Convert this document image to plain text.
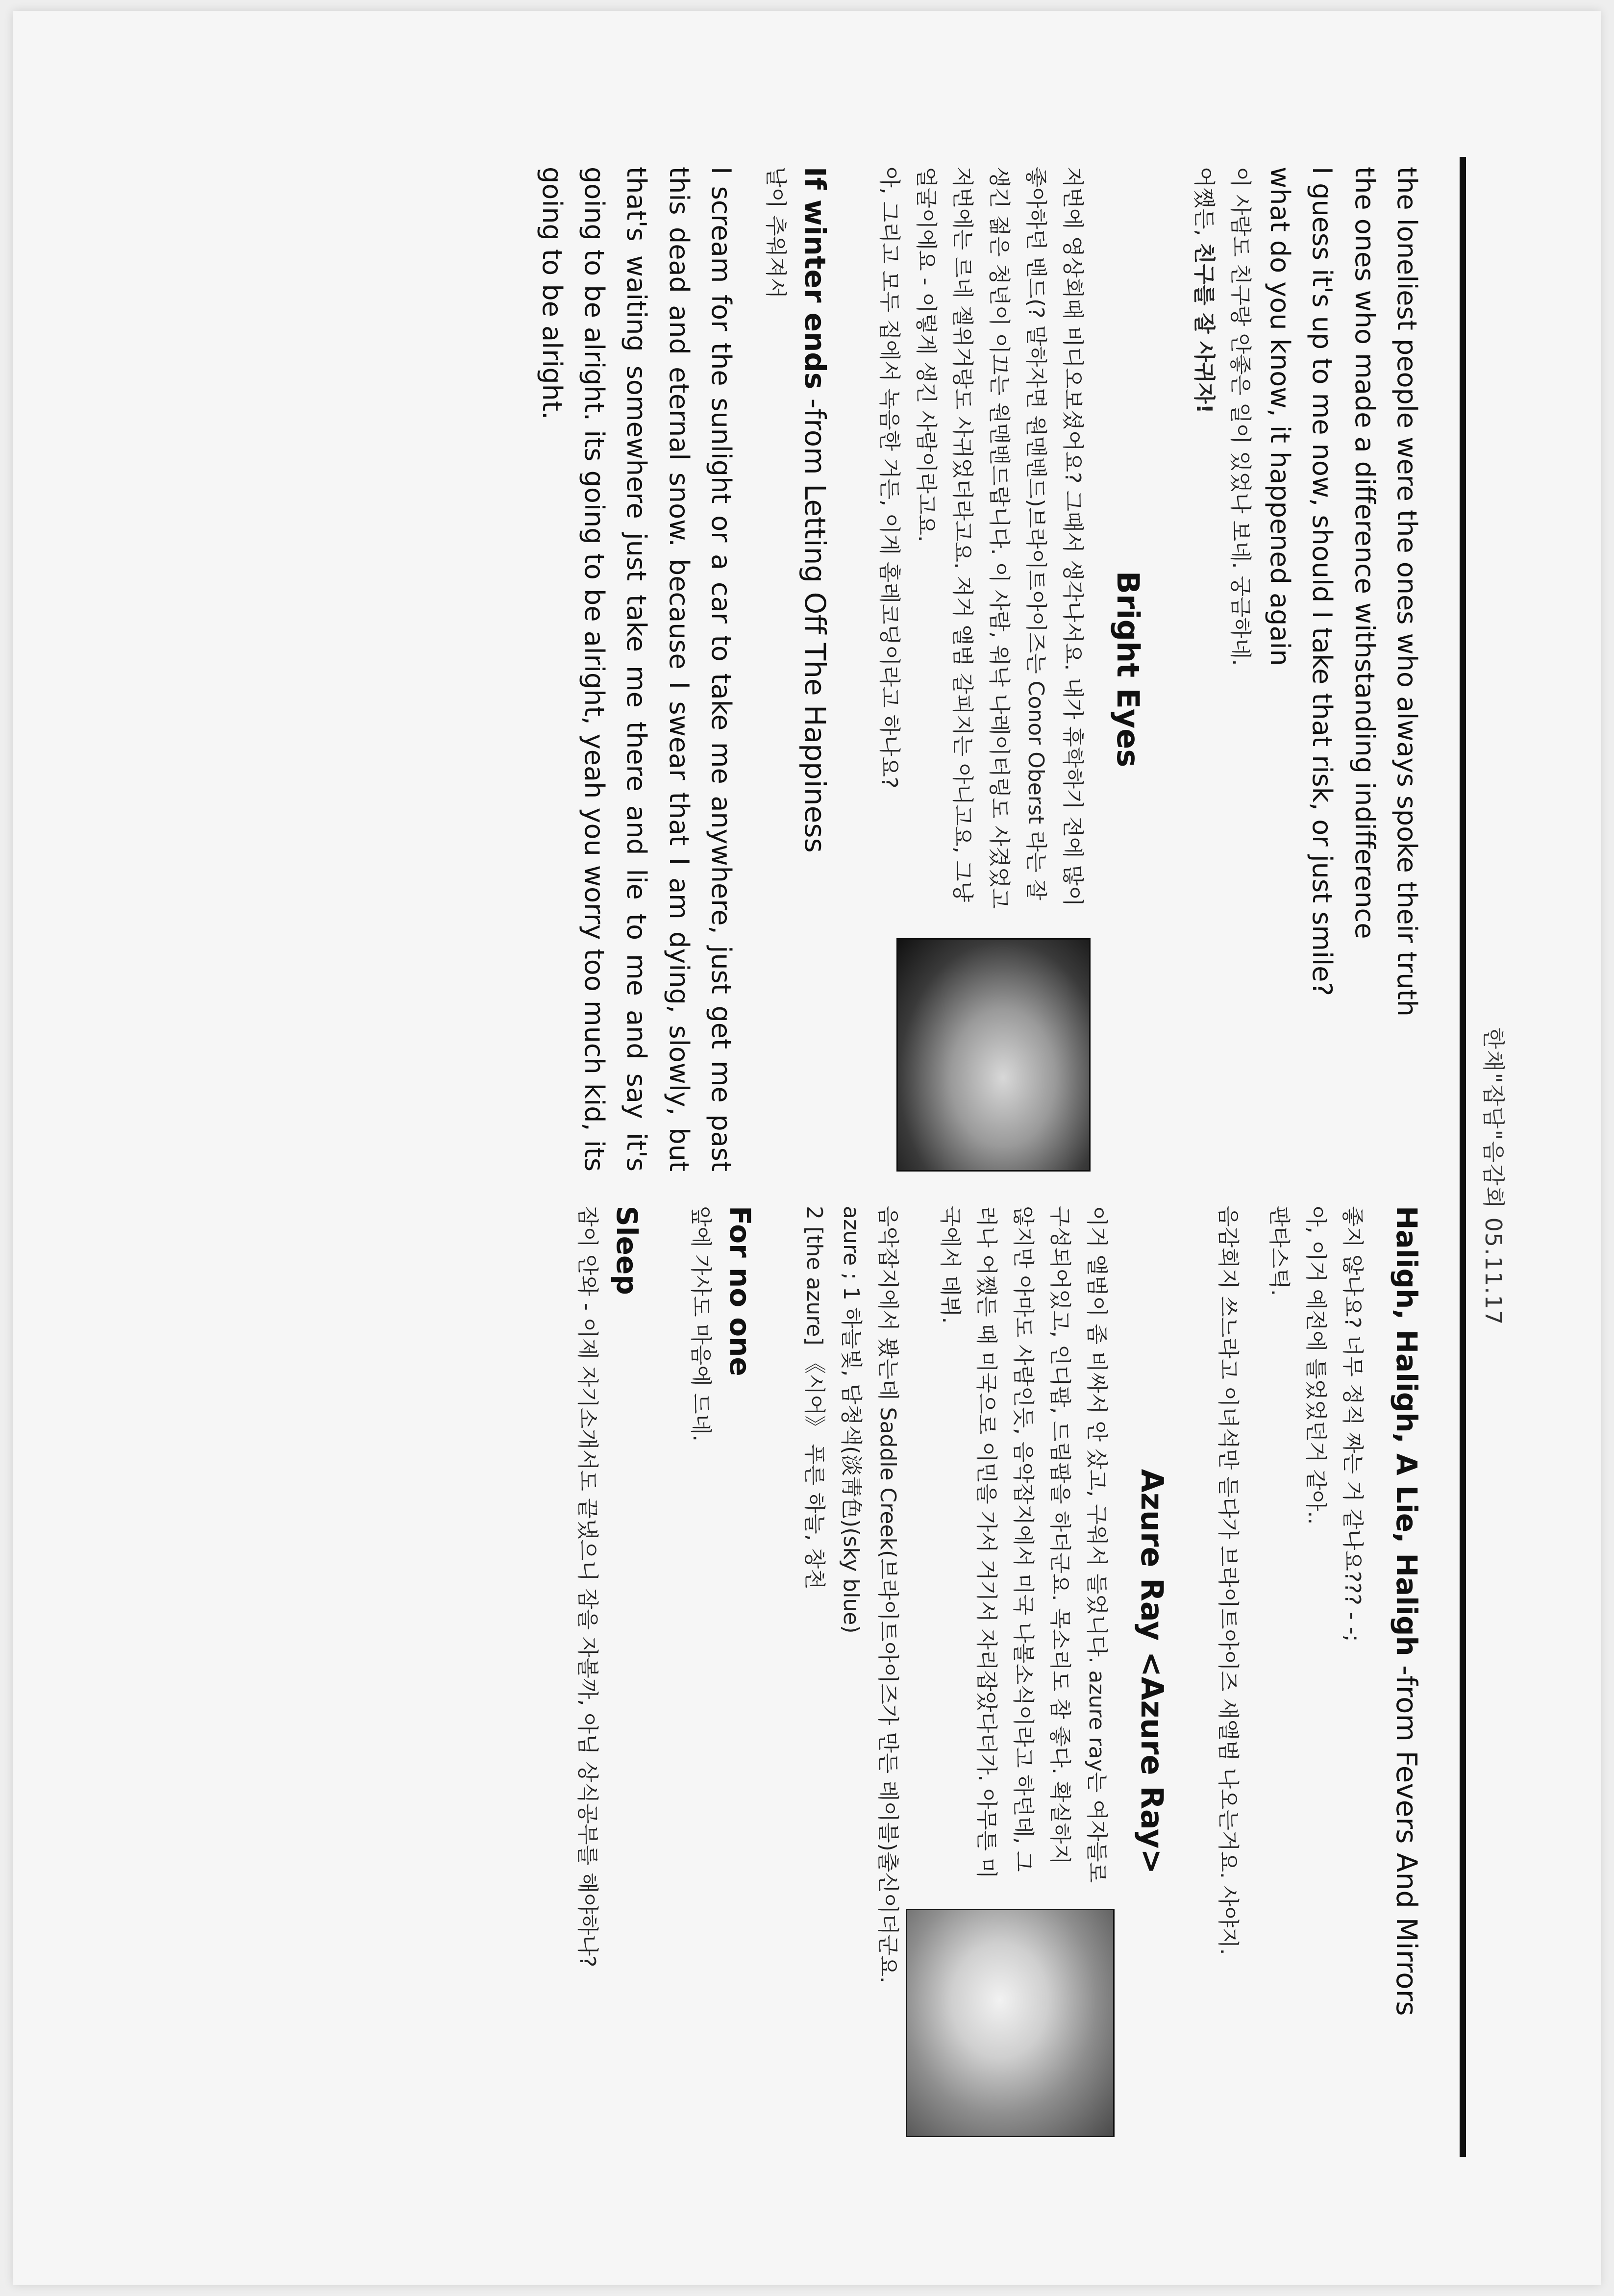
한채"잡담"음감회 05.11.17

the loneliest people were the ones who always spoke their truth

the ones who made a difference withstanding indifference

I guess it's up to me now, should I take that risk, or just smile?

what do you know, it happened again

이 사람도 친구랑 안좋은 일이 있었나 보네. 궁금하네.

어쨌든, 친구를 잘 사귀자!

Bright Eyes

저번에 영상회때 비디오보셨어요? 그때서 생각나서요. 내가 휴학하기 전에 많이 좋아하던 밴드(? 말하자면 원맨밴드)브라이트아이즈는 Conor Oberst 라는 잘생긴 젊은 청년이 이끄는 원맨밴드랍니다. 이 사람, 워낙 나레이터링도 사겼었고 저번에는 르네 젤위거랑도 사귀었더라고요. 저거 앨범 갈피지는 아니고요, 그냥 얼굴이에요 - 이렇게 생긴 사람이라고요.

아, 그리고 모두 집에서 녹음한 거든, 이게 홈레코딩이라고 하나요?

If winter ends -from Letting Off The Happiness

날이 추워져서

I scream for the sunlight or a car to take me anywhere, just get me past this dead and eternal snow. because I swear that I am dying, slowly, but that's waiting somewhere just take me there and lie to me and say it's going to be alright. its going to be alright, yeah you worry too much kid, its going to be alright.

Haligh, Haligh, A Lie, Haligh -from Fevers And Mirrors

좋지 않나요? 너무 정직 짜는 거 같나요??? - -;

아, 이거 예전에 틀었었던거 같아..

판타스틱.

음감회지 쓰느라고 이녀석만 듣다가 브라이트아이즈 새앨범 나오는거요. 사야지.

Azure Ray <Azure Ray>

이거 앨범이 좀 비싸서 안 샀고, 구워서 들었니다. azure ray는 여자들로 구성되어있고, 인디팝, 드림팝을 하더군요. 목소리도 참 좋다. 확실하지 않지만 아마도 사람인듯, 음악잡지에서 미국 나볼소식이라고 하던데, 그러나 어쨌든 때 미국으로 이민을 가서 거기서 자리잡았다더가. 아무튼 미국에서 데뷔.

음악잡지에서 봤는데 Saddle Creek(브라이트아이즈가 만든 레이블)출신이더군요.

azure ; 1 하늘빛, 담청색(淡靑色)(sky blue)

2 [the azure] 《시어》 푸른 하늘, 창천

For no one

앞에 가사도 마음에 드네.

Sleep

잠이 안와 - 이제 자기소개서도 끝냈으니 잠을 자볼까, 아님 상식공부를 해야하나?
